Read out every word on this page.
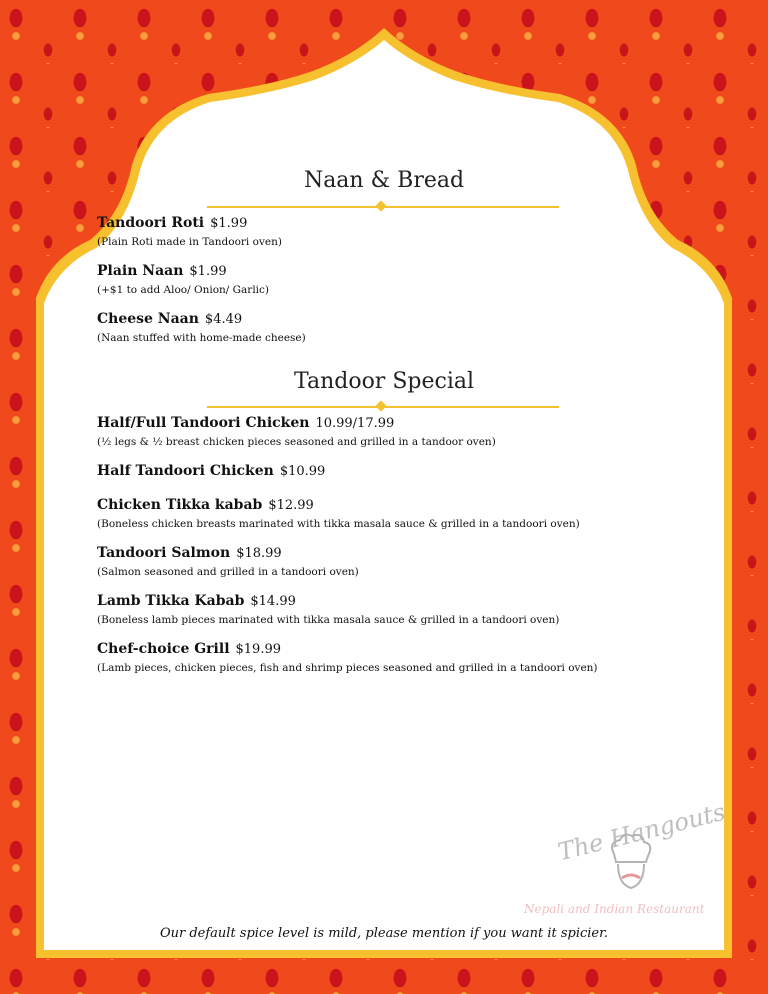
Naan & Bread
Tandoori Roti $1.99
(Plain Roti made in Tandoori oven)
Plain Naan $1.99
(+$1 to add Aloo/ Onion/ Garlic)
Cheese Naan $4.49
(Naan stuffed with home-made cheese)
Tandoor Special
Half/Full Tandoori Chicken 10.99/17.99
(½ legs & ½ breast chicken pieces seasoned and grilled in a tandoor oven)
Half Tandoori Chicken $10.99
Chicken Tikka kabab $12.99
(Boneless chicken breasts marinated with tikka masala sauce & grilled in a tandoori oven)
Tandoori Salmon $18.99
(Salmon seasoned and grilled in a tandoori oven)
Lamb Tikka Kabab $14.99
(Boneless lamb pieces marinated with tikka masala sauce & grilled in a tandoori oven)
Chef-choice Grill $19.99
(Lamb pieces, chicken pieces, fish and shrimp pieces seasoned and grilled in a tandoori oven)
The Hangouts
Nepali and Indian Restaurant
Our default spice level is mild, please mention if you want it spicier.
